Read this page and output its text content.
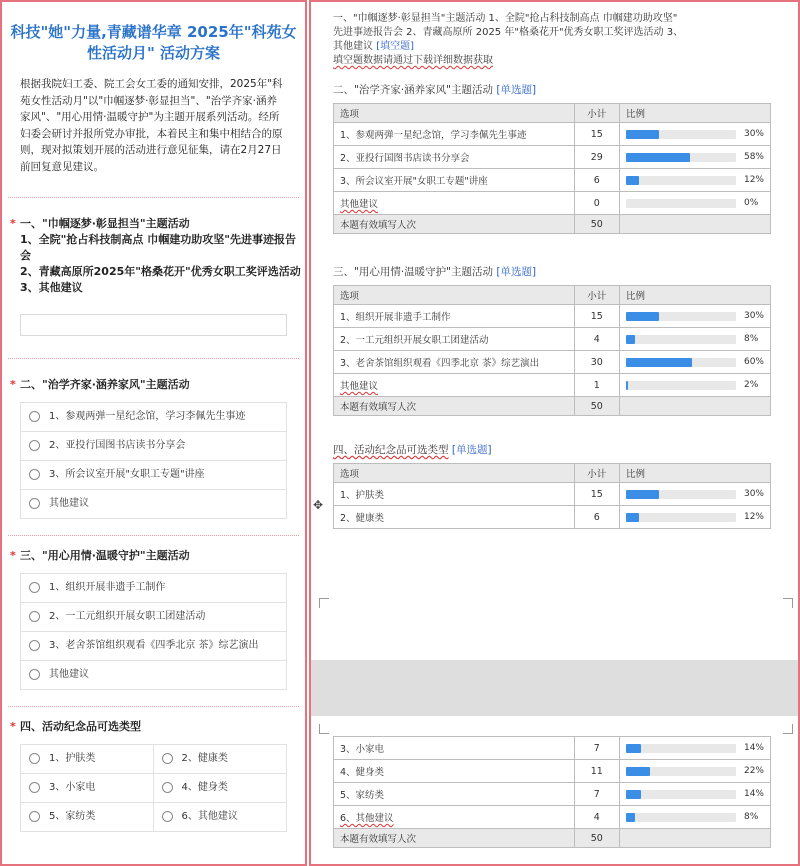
科技"她"力量,青藏谱华章 2025年"科苑女性活动月" 活动方案
根据我院妇工委、院工会女工委的通知安排，2025年"科苑女性活动月"以"巾帼逐梦·彰显担当"、"治学齐家·涵养家风"、"用心用情·温暖守护"为主题开展系列活动。经所妇委会研讨并报所党办审批，本着民主和集中相结合的原则，现对拟策划开展的活动进行意见征集，请在2月27日前回复意见建议。
* 一、"巾帼逐梦·彰显担当"主题活动
1、全院"抢占科技制高点 巾帼建功助攻坚"先进事迹报告会
2、青藏高原所2025年"格桑花开"优秀女职工奖评选活动
3、其他建议
* 二、"治学齐家·涵养家风"主题活动
1、参观两弹一星纪念馆，学习李佩先生事迹
2、亚投行国图书店读书分享会
3、所会议室开展"女职工专题"讲座
其他建议
* 三、"用心用情·温暖守护"主题活动
1、组织开展非遗手工制作
2、一工元组织开展女职工团建活动
3、老舍茶馆组织观看《四季北京 茶》综艺演出
其他建议
* 四、活动纪念品可选类型
1、护肤类	2、健康类
3、小家电	4、健身类
5、家纺类	6、其他建议
一、"巾帼逐梦·彰显担当"主题活动 1、全院"抢占科技制高点 巾帼建功助攻坚"
先进事迹报告会 2、青藏高原所 2025 年"格桑花开"优秀女职工奖评选活动 3、
其他建议 [填空题]
填空题数据请通过下载详细数据获取
二、"治学齐家·涵养家风"主题活动 [单选题]
选项	小计	比例
1、参观两弹一星纪念馆，学习李佩先生事迹	15	30%

2、亚投行国图书店读书分享会	29	58%

3、所会议室开展"女职工专题"讲座	6	12%

其他建议	0	0%

本题有效填写人次	50	
三、"用心用情·温暖守护"主题活动 [单选题]
选项	小计	比例
1、组织开展非遗手工制作	15	30%

2、一工元组织开展女职工团建活动	4	8%

3、老舍茶馆组织观看《四季北京 茶》综艺演出	30	60%

其他建议	1	2%

本题有效填写人次	50	
四、活动纪念品可选类型 [单选题]
✥
选项	小计	比例
1、护肤类	15	30%

2、健康类	6	12%
3、小家电	7	14%

4、健身类	11	22%

5、家纺类	7	14%

6、其他建议	4	8%

本题有效填写人次	50	
